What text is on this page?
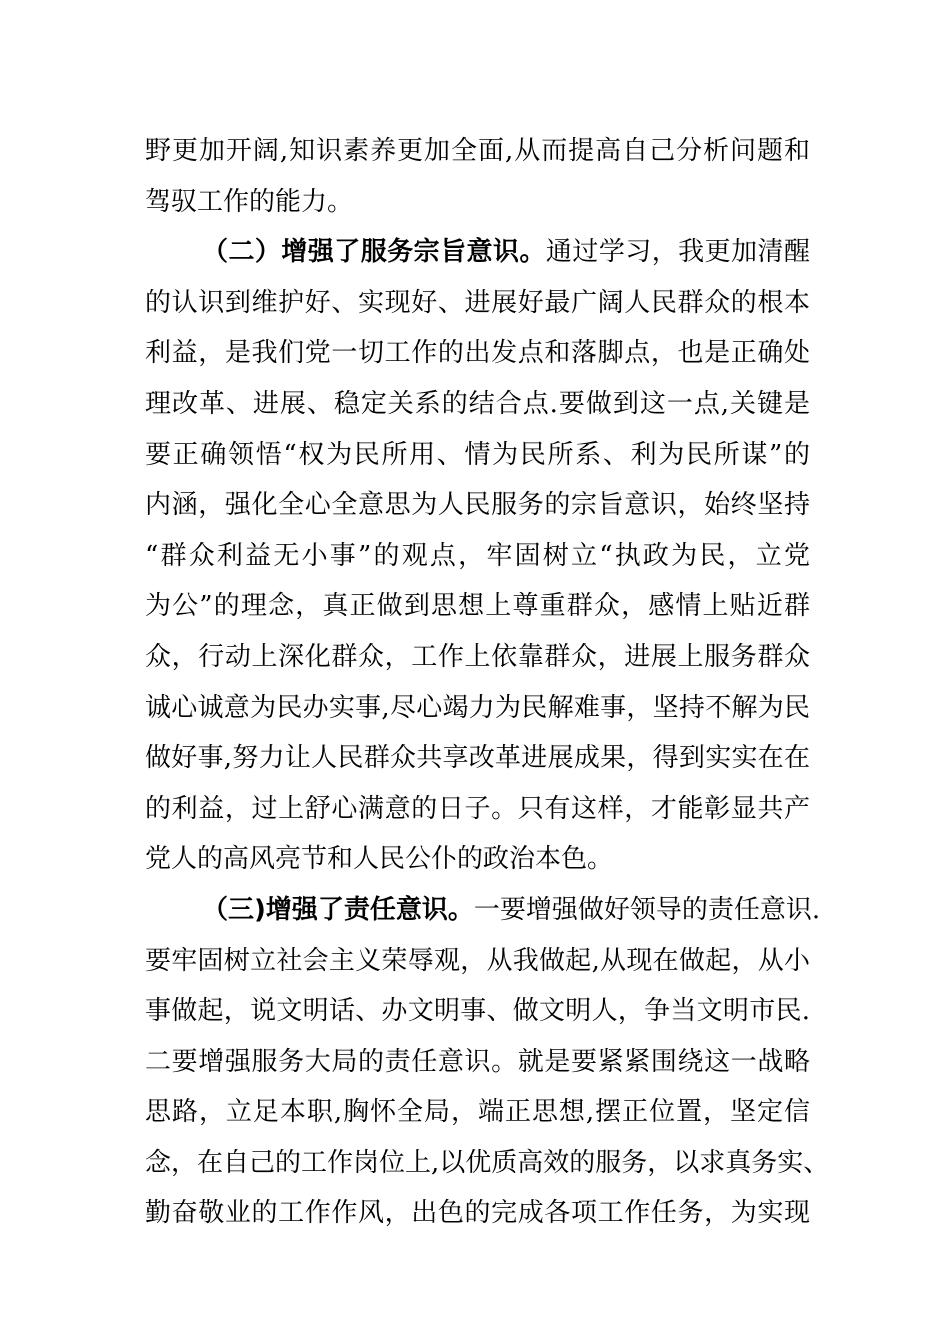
野更加开阔,知识素养更加全面,从而提高自己分析问题和
驾驭工作的能力。
（二）增强了服务宗旨意识。通过学习，我更加清醒
的认识到维护好、实现好、进展好最广阔人民群众的根本
利益，是我们党一切工作的出发点和落脚点，也是正确处
理改革、进展、稳定关系的结合点.要做到这一点,关键是
要正确领悟“权为民所用、情为民所系、利为民所谋”的
内涵，强化全心全意思为人民服务的宗旨意识，始终坚持
“群众利益无小事”的观点，牢固树立“执政为民，立党
为公”的理念，真正做到思想上尊重群众，感情上贴近群
众，行动上深化群众，工作上依靠群众，进展上服务群众
诚心诚意为民办实事,尽心竭力为民解难事，坚持不解为民
做好事,努力让人民群众共享改革进展成果，得到实实在在
的利益，过上舒心满意的日子。只有这样，才能彰显共产
党人的高风亮节和人民公仆的政治本色。
（三)增强了责任意识。一要增强做好领导的责任意识.
要牢固树立社会主义荣辱观，从我做起,从现在做起，从小
事做起，说文明话、办文明事、做文明人，争当文明市民.
二要增强服务大局的责任意识。就是要紧紧围绕这一战略
思路，立足本职,胸怀全局，端正思想,摆正位置，坚定信
念，在自己的工作岗位上,以优质高效的服务，以求真务实、
勤奋敬业的工作作风，出色的完成各项工作任务，为实现
